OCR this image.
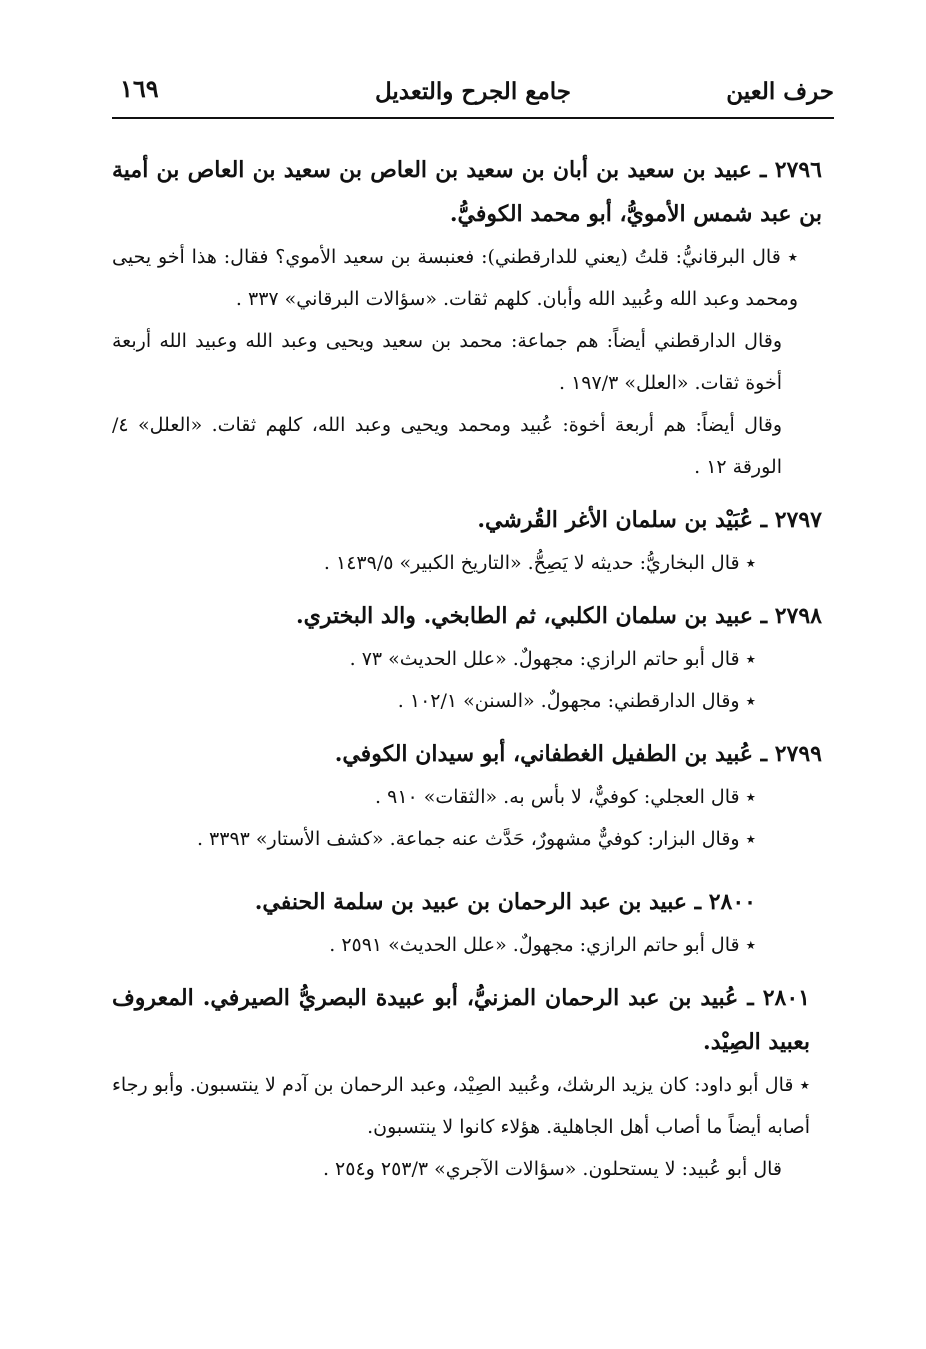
حرف العين
جامع الجرح والتعديل
١٦٩
٢٧٩٦ ـ عبيد بن سعيد بن أبان بن سعيد بن العاص بن سعيد بن العاص بن أمية بن عبد شمس الأمويُّ، أبو محمد الكوفيُّ.
٭ قال البرقانيُّ: قلتُ (يعني للدارقطني): فعنبسة بن سعيد الأموي؟ فقال: هذا أخو يحيى ومحمد وعبد الله وعُبيد الله وأبان. كلهم ثقات. «سؤالات البرقاني» ٣٣٧ .
وقال الدارقطني أيضاً: هم جماعة: محمد بن سعيد ويحيى وعبد الله وعبيد الله أربعة أخوة ثقات. «العلل» ١٩٧/٣ .
وقال أيضاً: هم أربعة أخوة: عُبيد ومحمد ويحيى وعبد الله، كلهم ثقات. «العلل» ٤/الورقة ١٢ .
٢٧٩٧ ـ عُبَيْد بن سلمان الأغر القُرشي.
٭ قال البخاريُّ: حديثه لا يَصِحُّ. «التاريخ الكبير» ١٤٣٩/٥ .
٢٧٩٨ ـ عبيد بن سلمان الكلبي، ثم الطابخي. والد البختري.
٭ قال أبو حاتم الرازي: مجهولٌ. «علل الحديث» ٧٣ .
٭ وقال الدارقطني: مجهولٌ. «السنن» ١٠٢/١ .
٢٧٩٩ ـ عُبيد بن الطفيل الغطفاني، أبو سيدان الكوفي.
٭ قال العجلي: كوفيٌّ، لا بأس به. «الثقات» ٩١٠ .
٭ وقال البزار: كوفيٌّ مشهورٌ، حَدَّث عنه جماعة. «كشف الأستار» ٣٣٩٣ .
٢٨٠٠ ـ عبيد بن عبد الرحمان بن عبيد بن سلمة الحنفي.
٭ قال أبو حاتم الرازي: مجهولٌ. «علل الحديث» ٢٥٩١ .
٢٨٠١ ـ عُبيد بن عبد الرحمان المزنيُّ، أبو عبيدة البصريُّ الصيرفي. المعروف بعبيد الصِيْد.
٭ قال أبو داود: كان يزيد الرشك، وعُبيد الصِيْد، وعبد الرحمان بن آدم لا ينتسبون. وأبو رجاء أصابه أيضاً ما أصاب أهل الجاهلية. هؤلاء كانوا لا ينتسبون.
قال أبو عُبيد: لا يستحلون. «سؤالات الآجري» ٢٥٣/٣ و٢٥٤ .
